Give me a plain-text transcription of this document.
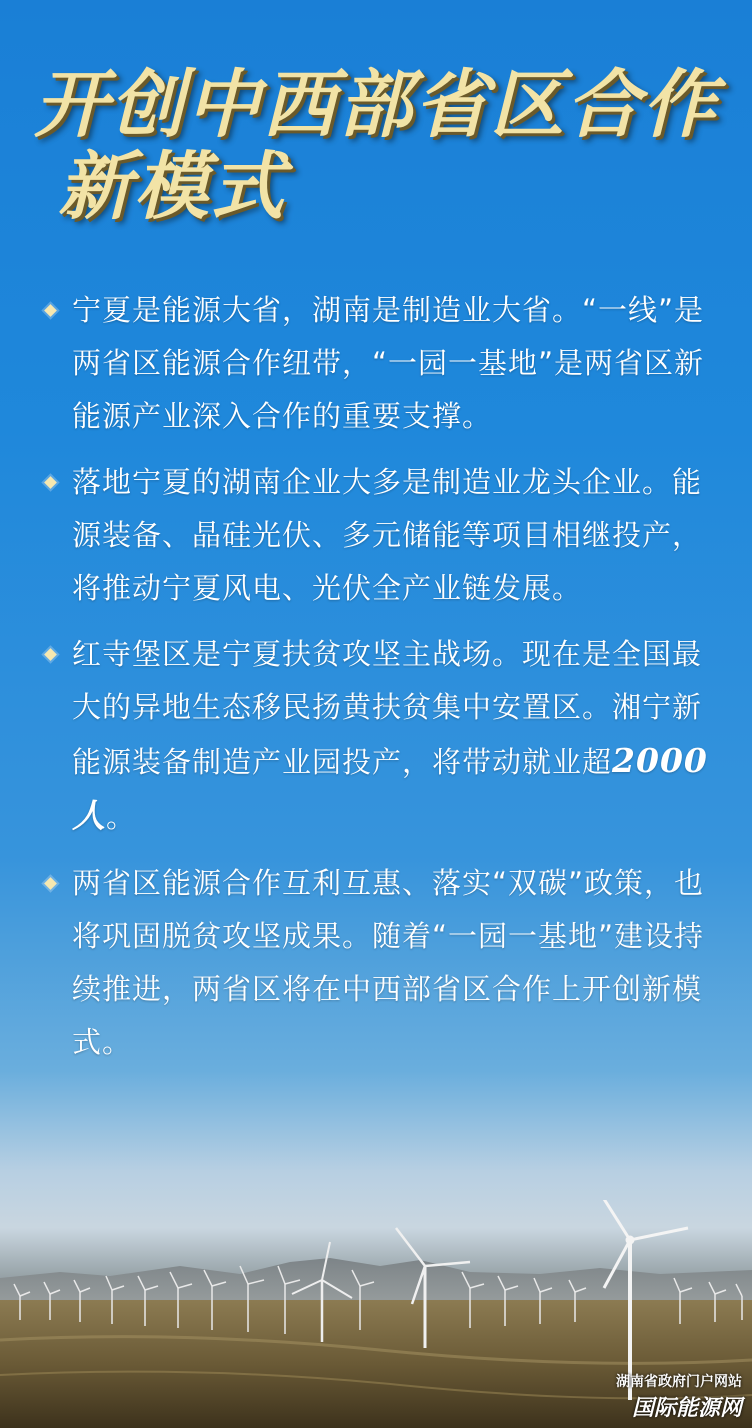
开创中西部省区合作
新模式
宁夏是能源大省，湖南是制造业大省。“一线”是两省区能源合作纽带，“一园一基地”是两省区新能源产业深入合作的重要支撑。
落地宁夏的湖南企业大多是制造业龙头企业。能源装备、晶硅光伏、多元储能等项目相继投产，将推动宁夏风电、光伏全产业链发展。
红寺堡区是宁夏扶贫攻坚主战场。现在是全国最大的异地生态移民扬黄扶贫集中安置区。湘宁新能源装备制造产业园投产，将带动就业超2000人。
两省区能源合作互利互惠、落实“双碳”政策，也将巩固脱贫攻坚成果。随着“一园一基地”建设持续推进，两省区将在中西部省区合作上开创新模式。
湖南省政府门户网站
国际能源网
